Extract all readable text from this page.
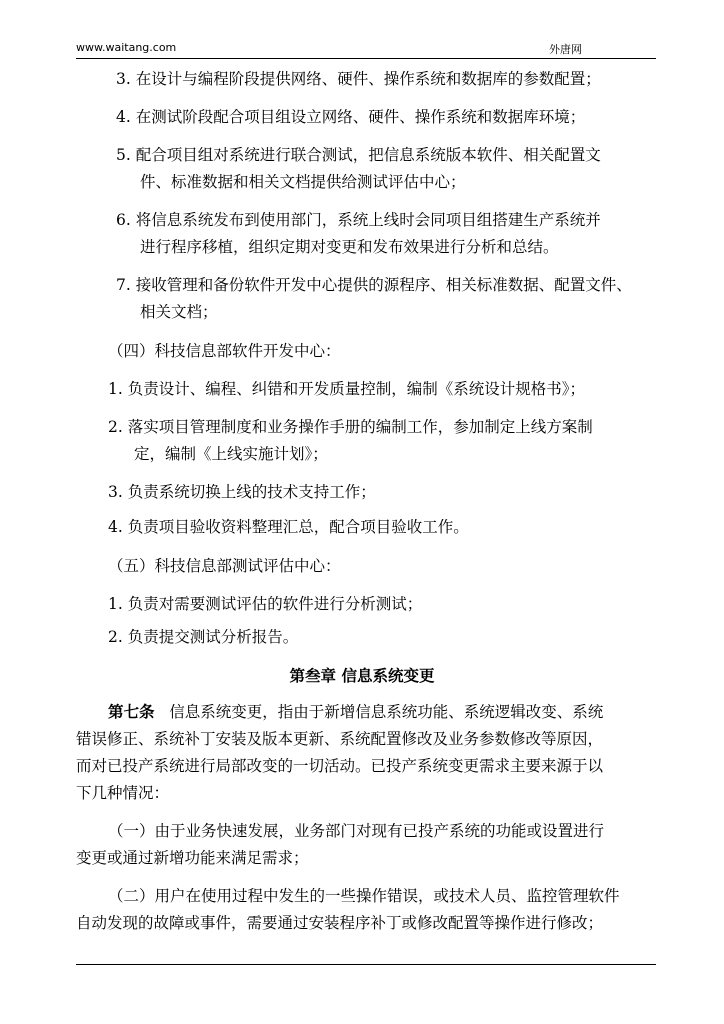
www.waitang.com	外唐网
3. 在设计与编程阶段提供网络、硬件、操作系统和数据库的参数配置；
4. 在测试阶段配合项目组设立网络、硬件、操作系统和数据库环境；
5. 配合项目组对系统进行联合测试，把信息系统版本软件、相关配置文
件、标准数据和相关文档提供给测试评估中心；
6. 将信息系统发布到使用部门，系统上线时会同项目组搭建生产系统并
进行程序移植，组织定期对变更和发布效果进行分析和总结。
7. 接收管理和备份软件开发中心提供的源程序、相关标准数据、配置文件、
相关文档；
（四）科技信息部软件开发中心：
1. 负责设计、编程、纠错和开发质量控制，编制《系统设计规格书》；
2. 落实项目管理制度和业务操作手册的编制工作，参加制定上线方案制
定，编制《上线实施计划》；
3. 负责系统切换上线的技术支持工作；
4. 负责项目验收资料整理汇总，配合项目验收工作。
（五）科技信息部测试评估中心：
1. 负责对需要测试评估的软件进行分析测试；
2. 负责提交测试分析报告。
第叁章 信息系统变更
第七条 信息系统变更，指由于新增信息系统功能、系统逻辑改变、系统
错误修正、系统补丁安装及版本更新、系统配置修改及业务参数修改等原因，
而对已投产系统进行局部改变的一切活动。已投产系统变更需求主要来源于以
下几种情况：
（一）由于业务快速发展，业务部门对现有已投产系统的功能或设置进行
变更或通过新增功能来满足需求；
（二）用户在使用过程中发生的一些操作错误，或技术人员、监控管理软件
自动发现的故障或事件，需要通过安装程序补丁或修改配置等操作进行修改；
